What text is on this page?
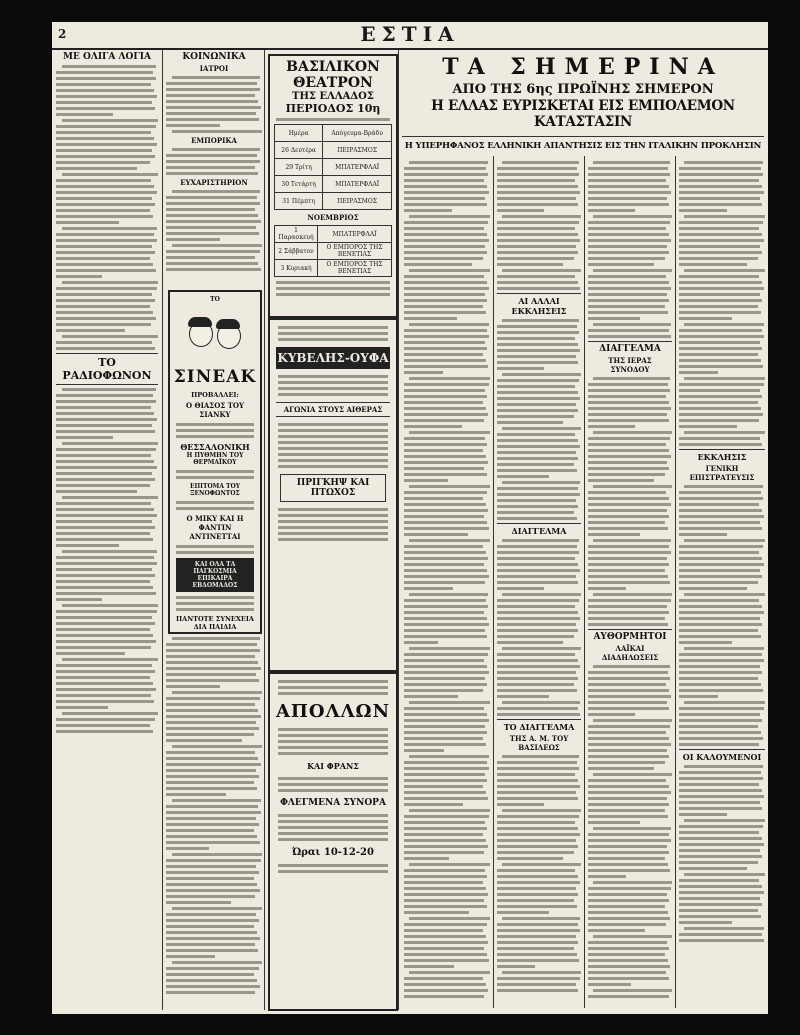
2	ΕΣΤΙΑ
ΜΕ ΟΛΙΓΑ ΛΟΓΙΑ
ΤΟ ΡΑΔΙΟΦΩΝΟΝ
ΚΟΙΝΩΝΙΚΑ
ΙΑΤΡΟΙ
ΕΜΠΟΡΙΚΑ
ΕΥΧΑΡΙΣΤΗΡΙΟΝ
ΤΟ
ΣΙΝΕΑΚ
ΠΡΟΒΑΛΛΕΙ:
Ο ΘΙΑΣΟΣ ΤΟΥ ΣΙΑΝΚΥ
ΘΕΣΣΑΛΟΝΙΚΗ
Η ΠΥΘΜΗΝ ΤΟΥ ΘΕΡΜΑΪΚΟΥ
ΕΠΙΤΟΜΑ ΤΟΥ ΞΕΝΟΦΩΝΤΟΣ
Ο ΜΙΚΥ ΚΑΙ Η ΦΑΝΤΙΝ
ΑΝΤΙΝΕΤΤΑΙ
ΚΑΙ ΟΛΑ ΤΑ ΠΑΓΚΟΣΜΙΑ ΕΠΙΚΑΙΡΑ ΕΒΔΟΜΑΔΟΣ
ΠΑΝΤΟΤΕ ΣΥΝΕΧΕΙΑ
ΔΙΑ ΠΑΙΔΙΑ
ΒΑΣΙΛΙΚΟΝ ΘΕΑΤΡΟΝ
ΤΗΣ ΕΛΛΑΔΟΣ
ΠΕΡΙΟΔΟΣ 10η
Ημέρα	Απόγευμα-Βράδυ
26 Δευτέρα	ΠΕΙΡΑΣΜΟΣ
29 Τρίτη	ΜΠΑΤΕΡΦΛΑΪ
30 Τετάρτη	ΜΠΑΤΕΡΦΛΑΪ
31 Πέμπτη	ΠΕΙΡΑΣΜΟΣ
ΝΟΕΜΒΡΙΟΣ
1 Παρασκευή	ΜΠΑΤΕΡΦΛΑΪ
2 Σάββατον	Ο ΕΜΠΟΡΟΣ ΤΗΣ ΒΕΝΕΤΙΑΣ
3 Κυριακή	Ο ΕΜΠΟΡΟΣ ΤΗΣ ΒΕΝΕΤΙΑΣ
ΚΥΒΕΛΗΣ-ΟΥΦΑ
ΑΓΩΝΙΑ ΣΤΟΥΣ ΑΙΘΕΡΑΣ
ΠΡΙΓΚΗΨ ΚΑΙ ΠΤΩΧΟΣ
ΑΠΟΛΛΩΝ
ΚΑΙ ΦΡΑΝΣ
ΦΛΕΓΜΕΝΑ ΣΥΝΟΡΑ
Ώραι 10-12-20
ΤΑ ΣΗΜΕΡΙΝΑ
ΑΠΟ ΤΗΣ 6ης ΠΡΩΪΝΗΣ ΣΗΜΕΡΟΝ
Η ΕΛΛΑΣ ΕΥΡΙΣΚΕΤΑΙ ΕΙΣ ΕΜΠΟΛΕΜΟΝ ΚΑΤΑΣΤΑΣΙΝ
Η ΥΠΕΡΗΦΑΝΟΣ ΕΛΛΗΝΙΚΗ ΑΠΑΝΤΗΣΙΣ ΕΙΣ ΤΗΝ ΙΤΑΛΙΚΗΝ ΠΡΟΚΛΗΣΙΝ
ΑΙ ΑΛΛΑΙ ΕΚΚΛΗΣΕΙΣ
ΔΙΑΓΓΕΛΜΑ
ΤΟ ΔΙΑΓΓΕΛΜΑ
ΤΗΣ Α. Μ. ΤΟΥ ΒΑΣΙΛΕΩΣ
ΔΙΑΓΓΕΛΜΑ
ΤΗΣ ΙΕΡΑΣ ΣΥΝΟΔΟΥ
ΑΥΘΟΡΜΗΤΟΙ
ΛΑΪΚΑΙ ΔΙΑΔΗΛΩΣΕΙΣ
ΕΚΚΛΗΣΙΣ
ΓΕΝΙΚΗ ΕΠΙΣΤΡΑΤΕΥΣΙΣ
ΟΙ ΚΑΛΟΥΜΕΝΟΙ
